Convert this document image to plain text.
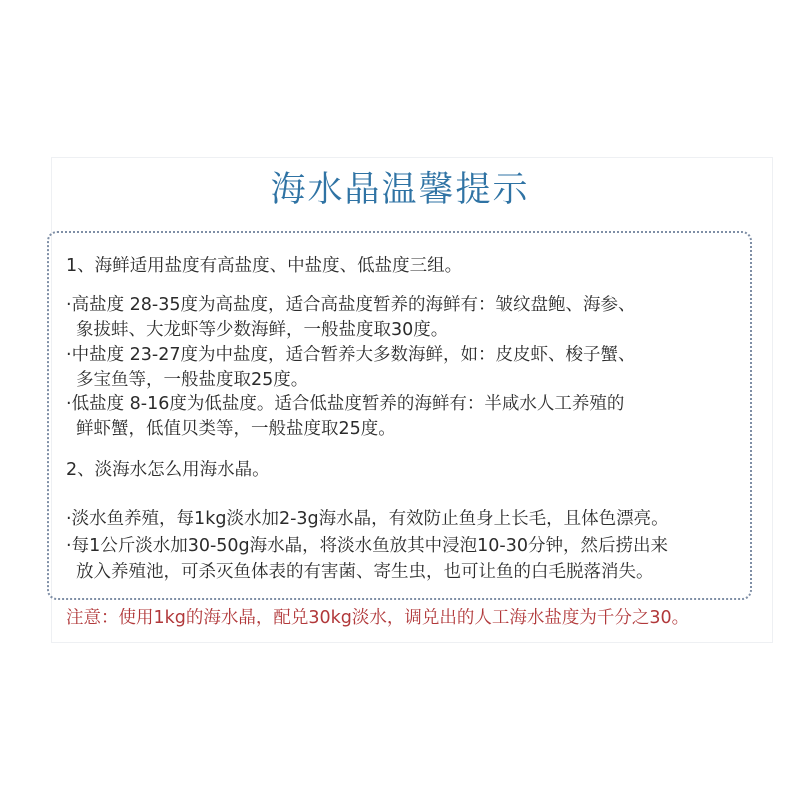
海水晶温馨提示
1、海鲜适用盐度有高盐度、中盐度、低盐度三组。
·高盐度 28-35度为高盐度，适合高盐度暂养的海鲜有：皱纹盘鲍、海参、
象拔蚌、大龙虾等少数海鲜，一般盐度取30度。
·中盐度 23-27度为中盐度，适合暂养大多数海鲜，如：皮皮虾、梭子蟹、
多宝鱼等，一般盐度取25度。
·低盐度 8-16度为低盐度。适合低盐度暂养的海鲜有：半咸水人工养殖的
鲜虾蟹，低值贝类等，一般盐度取25度。
2、淡海水怎么用海水晶。
·淡水鱼养殖，每1kg淡水加2-3g海水晶，有效防止鱼身上长毛，且体色漂亮。
·每1公斤淡水加30-50g海水晶，将淡水鱼放其中浸泡10-30分钟，然后捞出来
放入养殖池，可杀灭鱼体表的有害菌、寄生虫，也可让鱼的白毛脱落消失。
注意：使用1kg的海水晶，配兑30kg淡水，调兑出的人工海水盐度为千分之30。
